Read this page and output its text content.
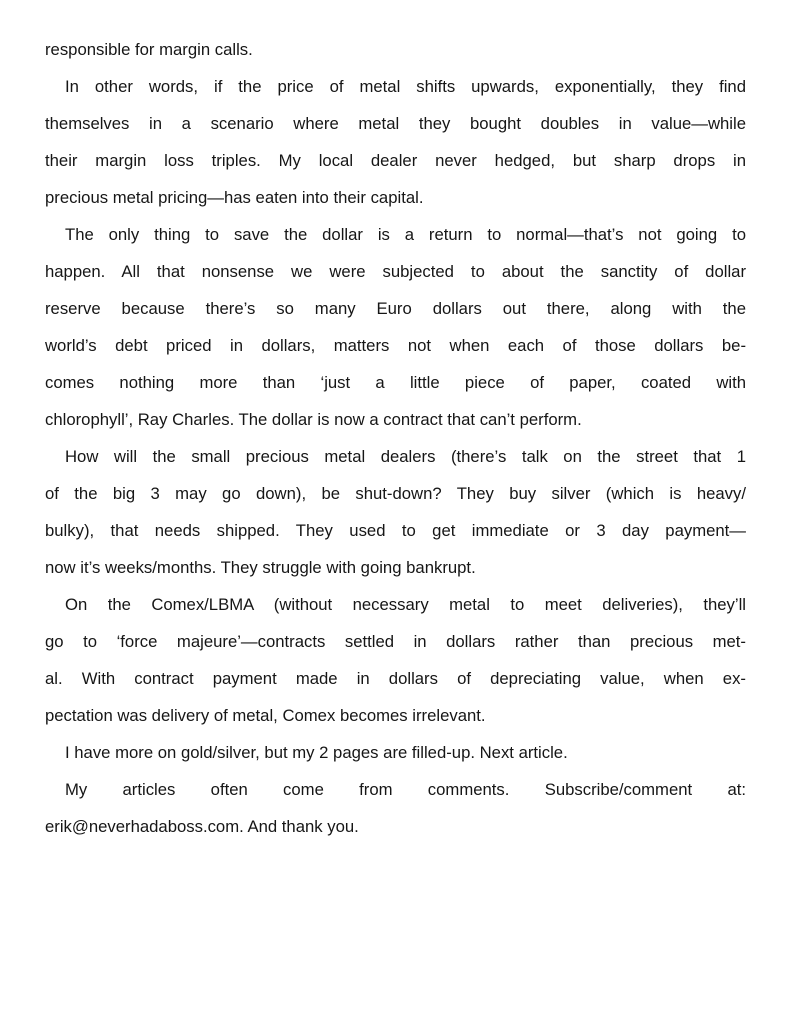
responsible for margin calls.
In other words, if the price of metal shifts upwards, exponentially, they find
themselves in a scenario where metal they bought doubles in value—while
their margin loss triples. My local dealer never hedged, but sharp drops in
precious metal pricing—has eaten into their capital.
The only thing to save the dollar is a return to normal—that’s not going to
happen. All that nonsense we were subjected to about the sanctity of dollar
reserve because there’s so many Euro dollars out there, along with the
world’s debt priced in dollars, matters not when each of those dollars be-
comes nothing more than ‘just a little piece of paper, coated with
chlorophyll’, Ray Charles. The dollar is now a contract that can’t perform.
How will the small precious metal dealers (there’s talk on the street that 1
of the big 3 may go down), be shut-down? They buy silver (which is heavy/
bulky), that needs shipped. They used to get immediate or 3 day payment—
now it’s weeks/months. They struggle with going bankrupt.
On the Comex/LBMA (without necessary metal to meet deliveries), they’ll
go to ‘force majeure’—contracts settled in dollars rather than precious met-
al. With contract payment made in dollars of depreciating value, when ex-
pectation was delivery of metal, Comex becomes irrelevant.
I have more on gold/silver, but my 2 pages are filled-up. Next article.
My articles often come from comments. Subscribe/comment at:
erik@neverhadaboss.com. And thank you.
